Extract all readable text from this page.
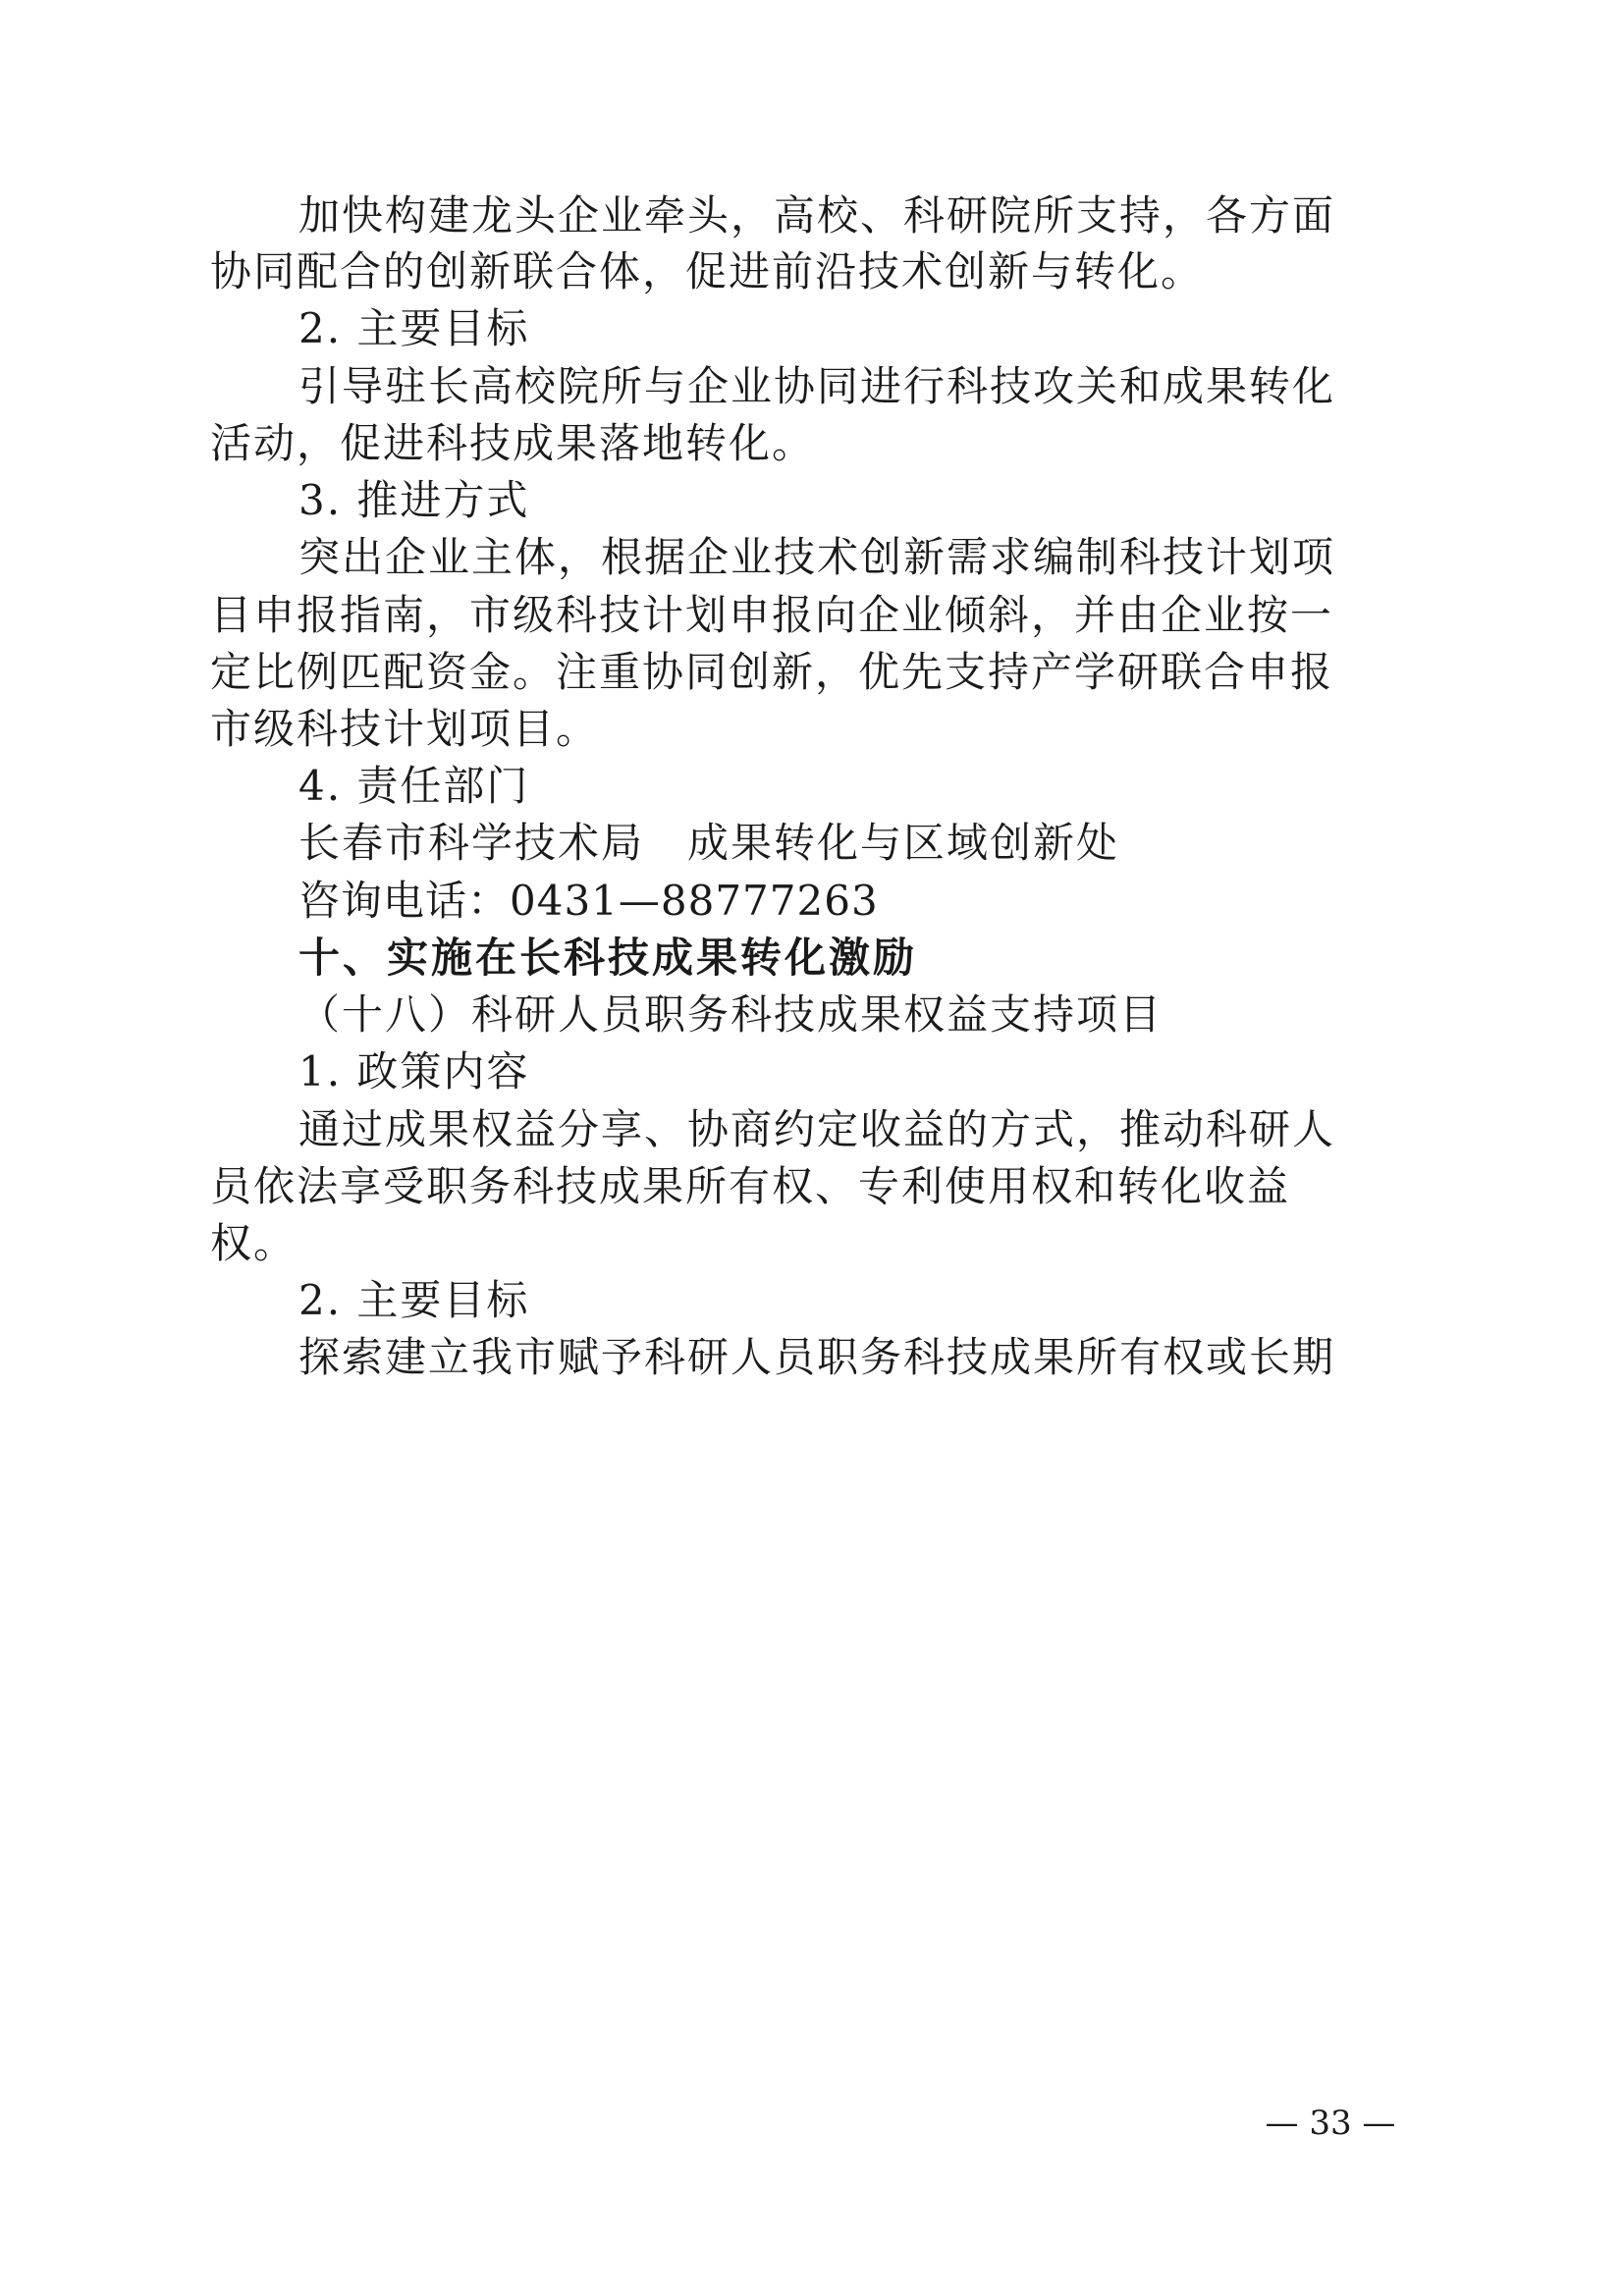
加快构建龙头企业牵头，高校、科研院所支持，各方面
协同配合的创新联合体，促进前沿技术创新与转化。
2. 主要目标
引导驻长高校院所与企业协同进行科技攻关和成果转化
活动，促进科技成果落地转化。
3. 推进方式
突出企业主体，根据企业技术创新需求编制科技计划项
目申报指南，市级科技计划申报向企业倾斜，并由企业按一
定比例匹配资金。注重协同创新，优先支持产学研联合申报
市级科技计划项目。
4. 责任部门
长春市科学技术局　成果转化与区域创新处
咨询电话：0431—88777263
十、实施在长科技成果转化激励
（十八）科研人员职务科技成果权益支持项目
1. 政策内容
通过成果权益分享、协商约定收益的方式，推动科研人
员依法享受职务科技成果所有权、专利使用权和转化收益
权。
2. 主要目标
探索建立我市赋予科研人员职务科技成果所有权或长期
— 33 —
